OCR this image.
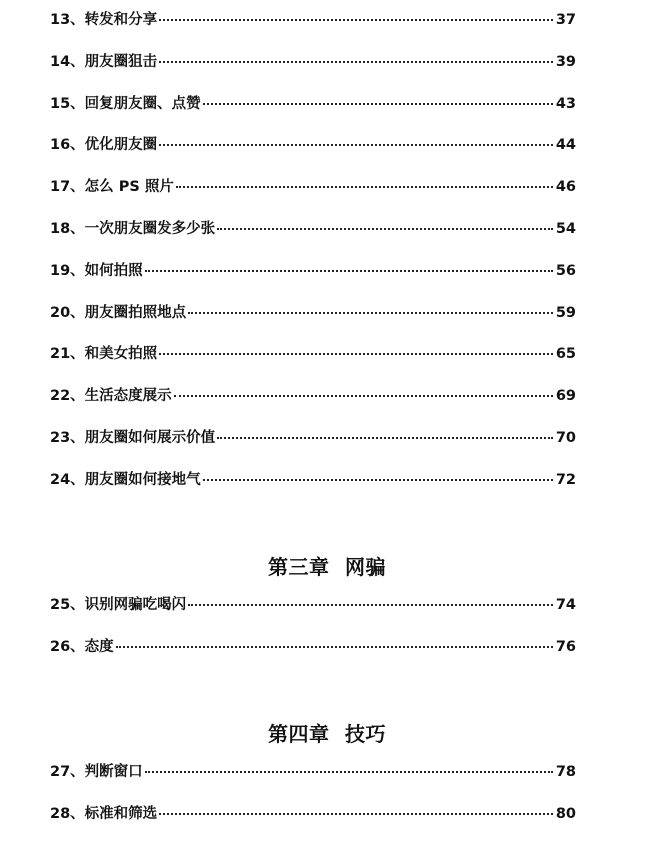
13、转发和分享	37
14、朋友圈狙击	39
15、回复朋友圈、点赞	43
16、优化朋友圈	44
17、怎么 PS 照片	46
18、一次朋友圈发多少张	54
19、如何拍照	56
20、朋友圈拍照地点	59
21、和美女拍照	65
22、生活态度展示	69
23、朋友圈如何展示价值	70
24、朋友圈如何接地气	72
第三章 网骗
25、识别网骗吃喝闪	74
26、态度	76
第四章 技巧
27、判断窗口	78
28、标准和筛选	80
